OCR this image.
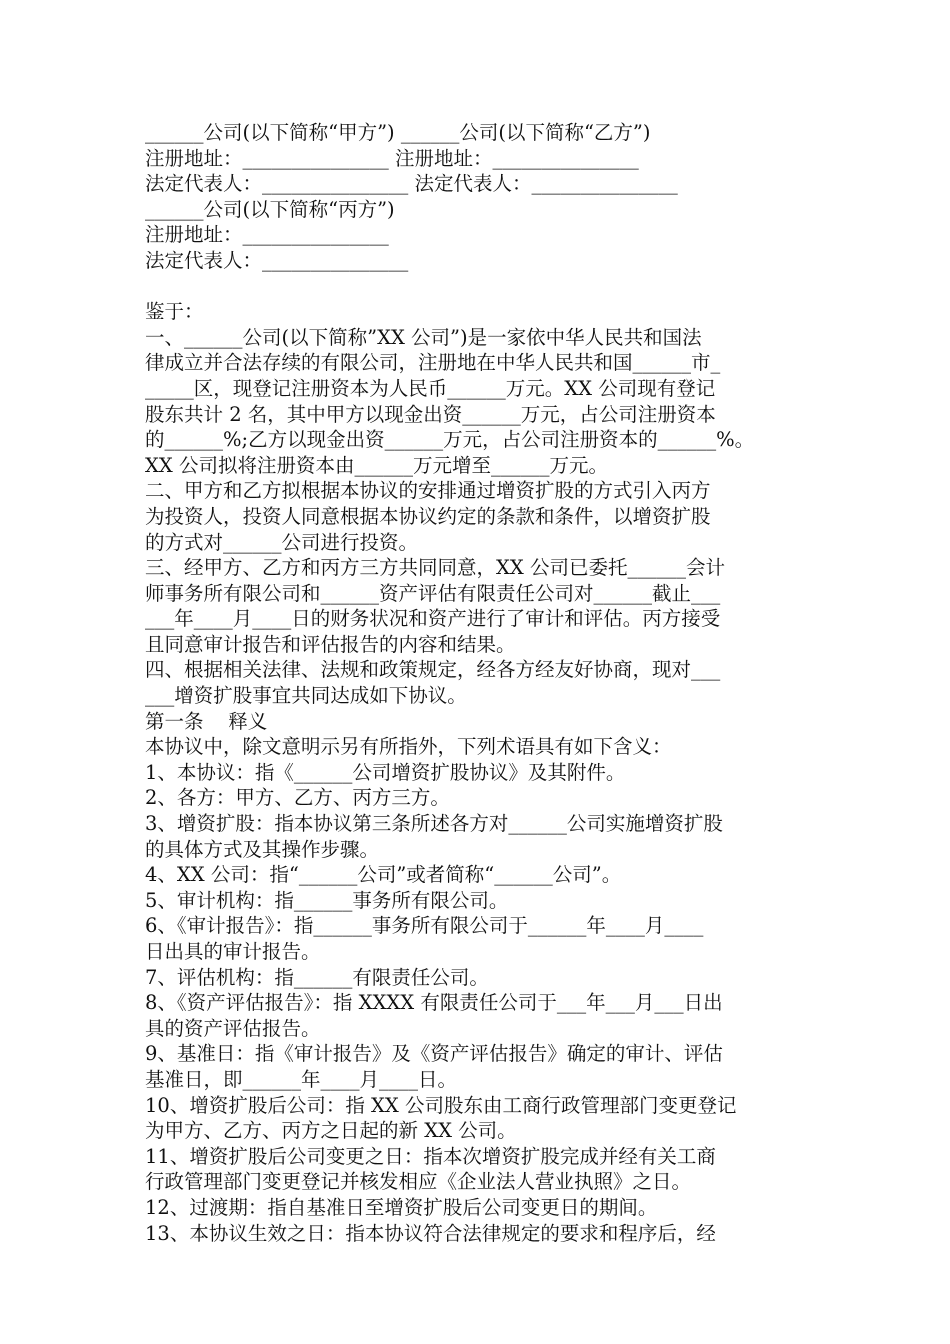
______公司(以下简称“甲方”) ______公司(以下简称“乙方”)
注册地址：_______________ 注册地址：_______________
法定代表人：_______________ 法定代表人：_______________
______公司(以下简称“丙方”)
注册地址：_______________
法定代表人：_______________
鉴于：
一、______公司(以下简称”XX 公司”)是一家依中华人民共和国法
律成立并合法存续的有限公司，注册地在中华人民共和国______市_
_____区，现登记注册资本为人民币______万元。XX 公司现有登记
股东共计 2 名，其中甲方以现金出资______万元，占公司注册资本
的______%;乙方以现金出资______万元，占公司注册资本的______%。
XX 公司拟将注册资本由______万元增至______万元。
二、甲方和乙方拟根据本协议的安排通过增资扩股的方式引入丙方
为投资人，投资人同意根据本协议约定的条款和条件，以增资扩股
的方式对______公司进行投资。
三、经甲方、乙方和丙方三方共同同意，XX 公司已委托______会计
师事务所有限公司和______资产评估有限责任公司对______截止___
___年____月____日的财务状况和资产进行了审计和评估。丙方接受
且同意审计报告和评估报告的内容和结果。
四、根据相关法律、法规和政策规定，经各方经友好协商，现对___
___增资扩股事宜共同达成如下协议。
第一条    释义
本协议中，除文意明示另有所指外，下列术语具有如下含义：
1、本协议：指《______公司增资扩股协议》及其附件。
2、各方：甲方、乙方、丙方三方。
3、增资扩股：指本协议第三条所述各方对______公司实施增资扩股
的具体方式及其操作步骤。
4、XX 公司：指“______公司”或者简称“______公司”。
5、审计机构：指______事务所有限公司。
6、《审计报告》：指______事务所有限公司于______年____月____
日出具的审计报告。
7、评估机构：指______有限责任公司。
8、《资产评估报告》：指 XXXX 有限责任公司于___年___月___日出
具的资产评估报告。
9、基准日：指《审计报告》及《资产评估报告》确定的审计、评估
基准日，即______年____月____日。
10、增资扩股后公司：指 XX 公司股东由工商行政管理部门变更登记
为甲方、乙方、丙方之日起的新 XX 公司。
11、增资扩股后公司变更之日：指本次增资扩股完成并经有关工商
行政管理部门变更登记并核发相应《企业法人营业执照》之日。
12、过渡期：指自基准日至增资扩股后公司变更日的期间。
13、本协议生效之日：指本协议符合法律规定的要求和程序后，经
